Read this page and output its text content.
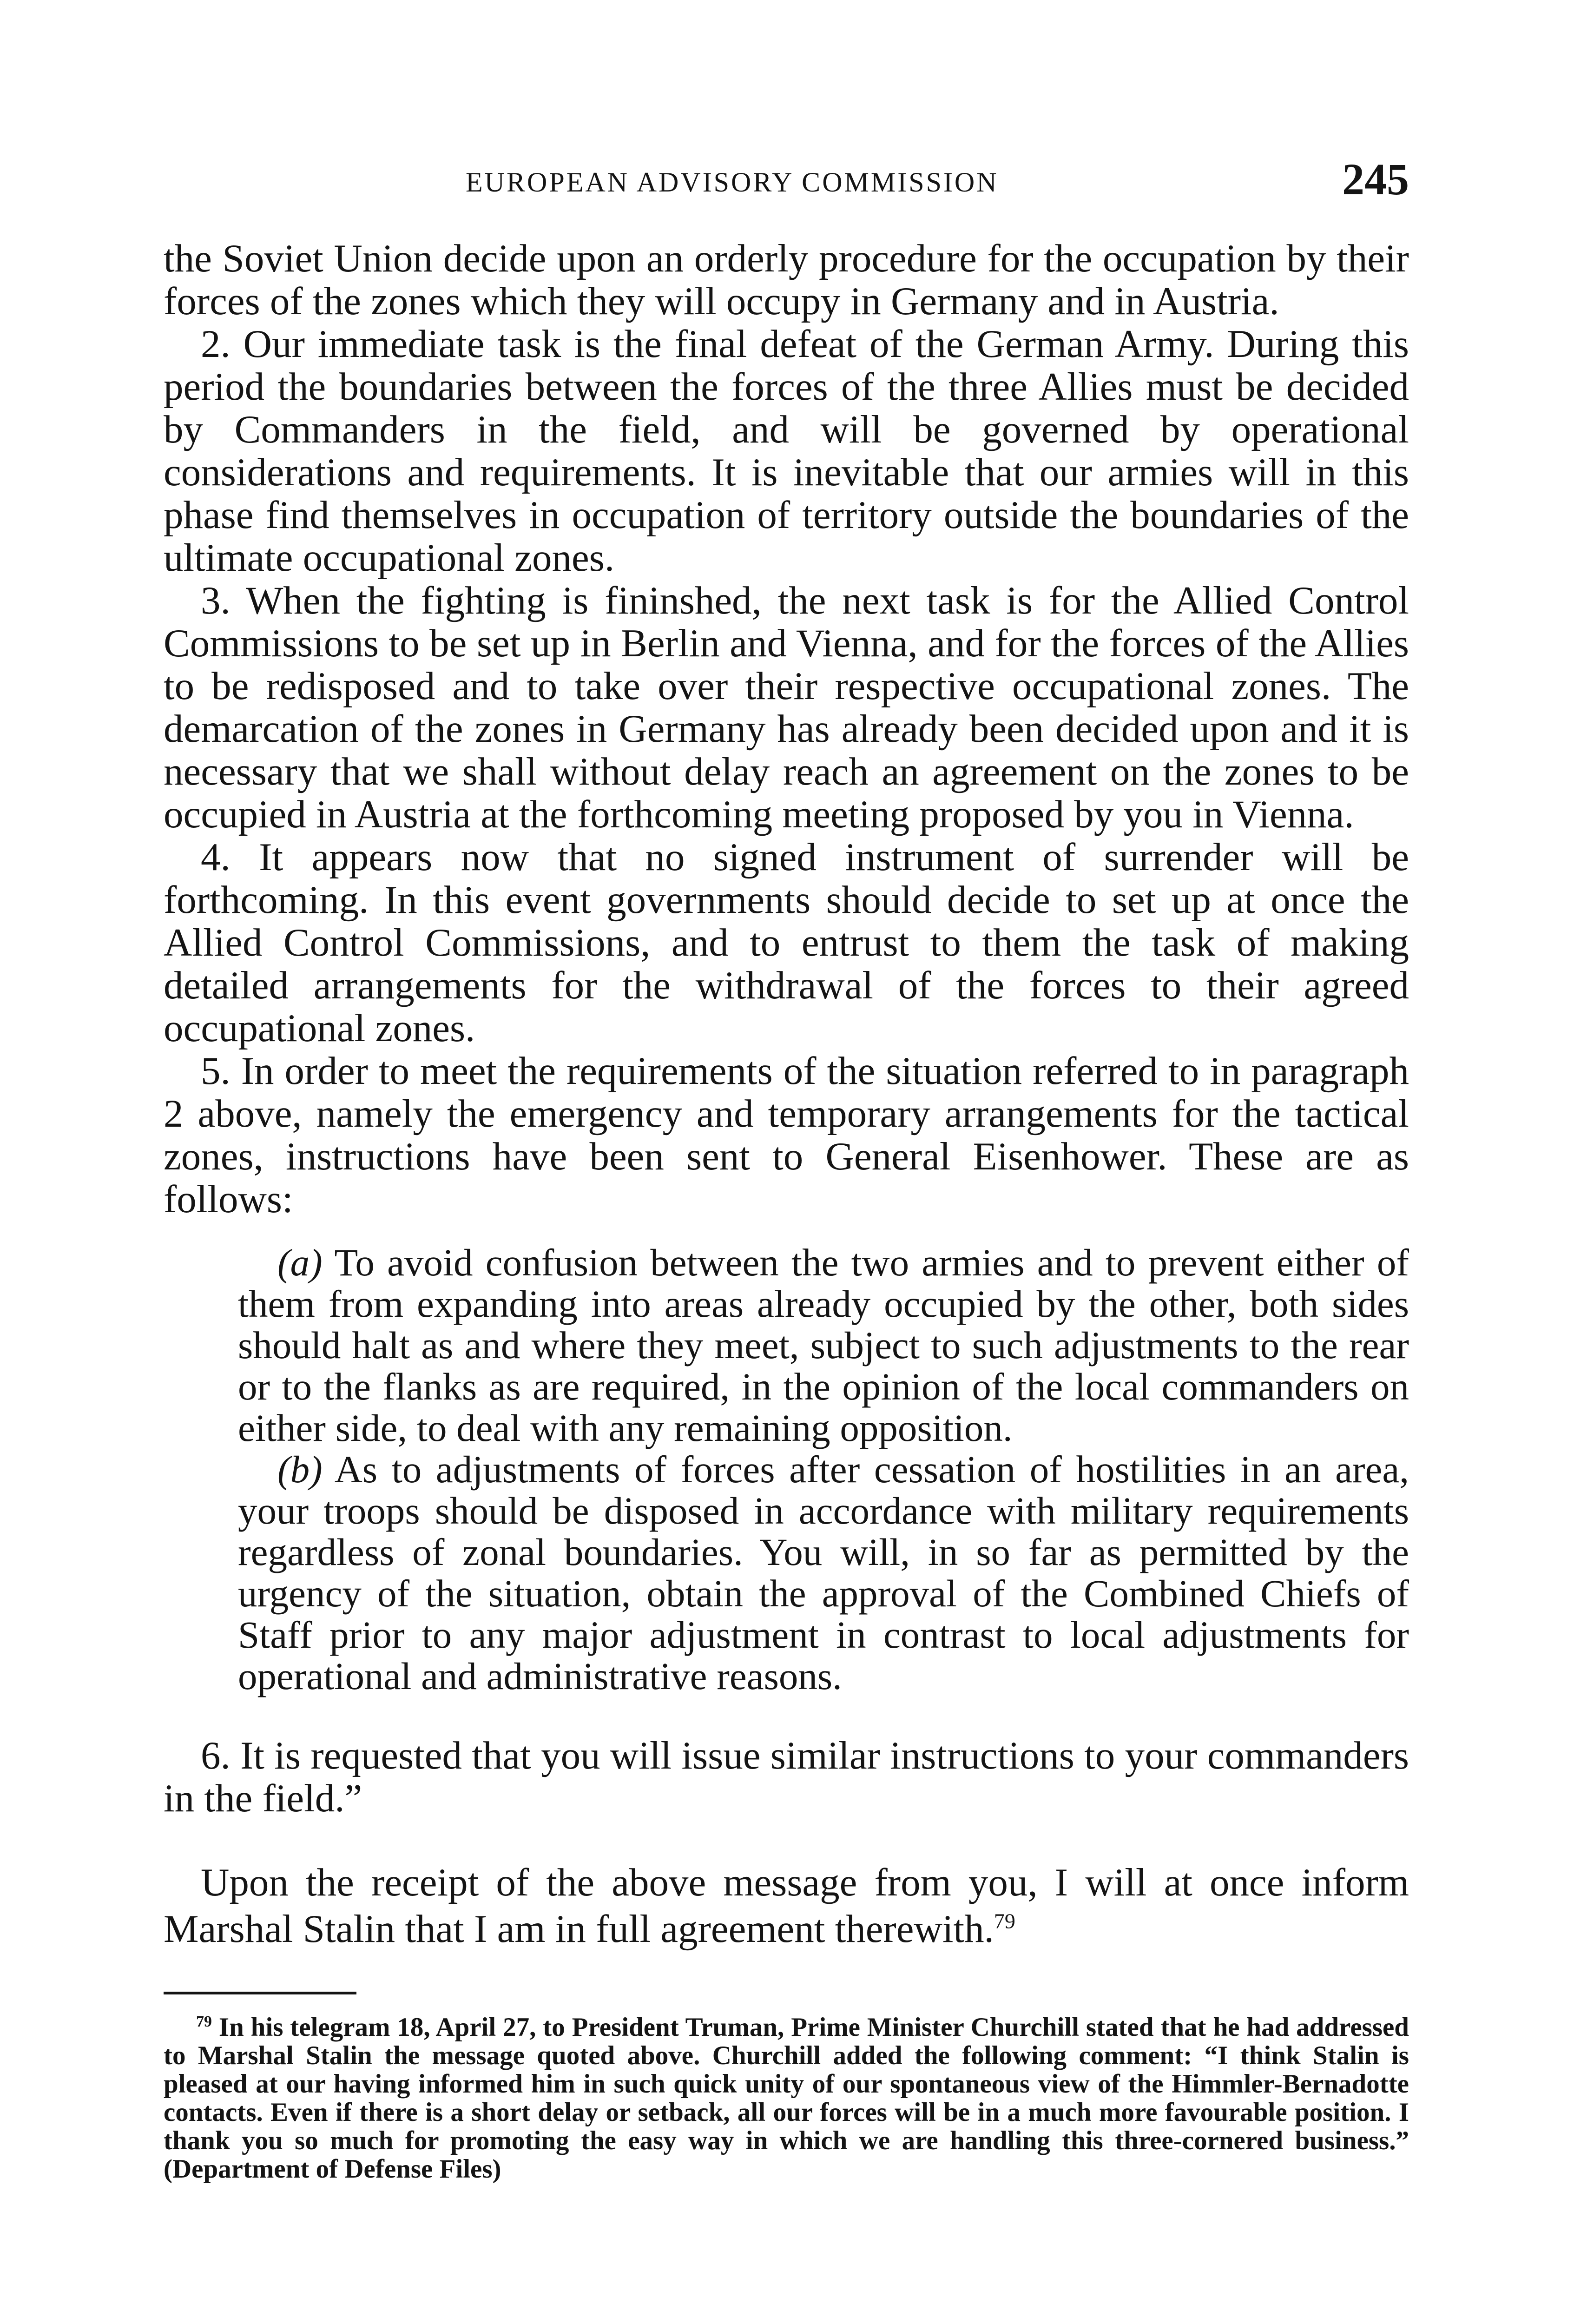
EUROPEAN ADVISORY COMMISSION	245

the Soviet Union decide upon an orderly procedure for the occupation by their forces of the zones which they will occupy in Germany and in Austria.

2. Our immediate task is the final defeat of the German Army. During this period the boundaries between the forces of the three Allies must be decided by Commanders in the field, and will be governed by operational considerations and requirements. It is inevitable that our armies will in this phase find themselves in occupation of territory outside the boundaries of the ultimate occupational zones.

3. When the fighting is fininshed, the next task is for the Allied Control Commissions to be set up in Berlin and Vienna, and for the forces of the Allies to be redisposed and to take over their respective occupational zones. The demarcation of the zones in Germany has already been decided upon and it is necessary that we shall without delay reach an agreement on the zones to be occupied in Austria at the forthcoming meeting proposed by you in Vienna.

4. It appears now that no signed instrument of surrender will be forthcoming. In this event governments should decide to set up at once the Allied Control Commissions, and to entrust to them the task of making detailed arrangements for the withdrawal of the forces to their agreed occupational zones.

5. In order to meet the requirements of the situation referred to in paragraph 2 above, namely the emergency and temporary arrangements for the tactical zones, instructions have been sent to General Eisenhower. These are as follows:

(a) To avoid confusion between the two armies and to prevent either of them from expanding into areas already occupied by the other, both sides should halt as and where they meet, subject to such adjustments to the rear or to the flanks as are required, in the opinion of the local commanders on either side, to deal with any remaining opposition.

(b) As to adjustments of forces after cessation of hostilities in an area, your troops should be disposed in accordance with military requirements regardless of zonal boundaries. You will, in so far as permitted by the urgency of the situation, obtain the approval of the Combined Chiefs of Staff prior to any major adjustment in contrast to local adjustments for operational and administrative reasons.

6. It is requested that you will issue similar instructions to your commanders in the field.”

Upon the receipt of the above message from you, I will at once inform Marshal Stalin that I am in full agreement therewith.$^{79}$

$^{79}$ In his telegram 18, April 27, to President Truman, Prime Minister Churchill stated that he had addressed to Marshal Stalin the message quoted above. Churchill added the following comment: “I think Stalin is pleased at our having informed him in such quick unity of our spontaneous view of the Himmler-Bernadotte contacts. Even if there is a short delay or setback, all our forces will be in a much more favourable position. I thank you so much for promoting the easy way in which we are handling this three-cornered business.” (Department of Defense Files)
